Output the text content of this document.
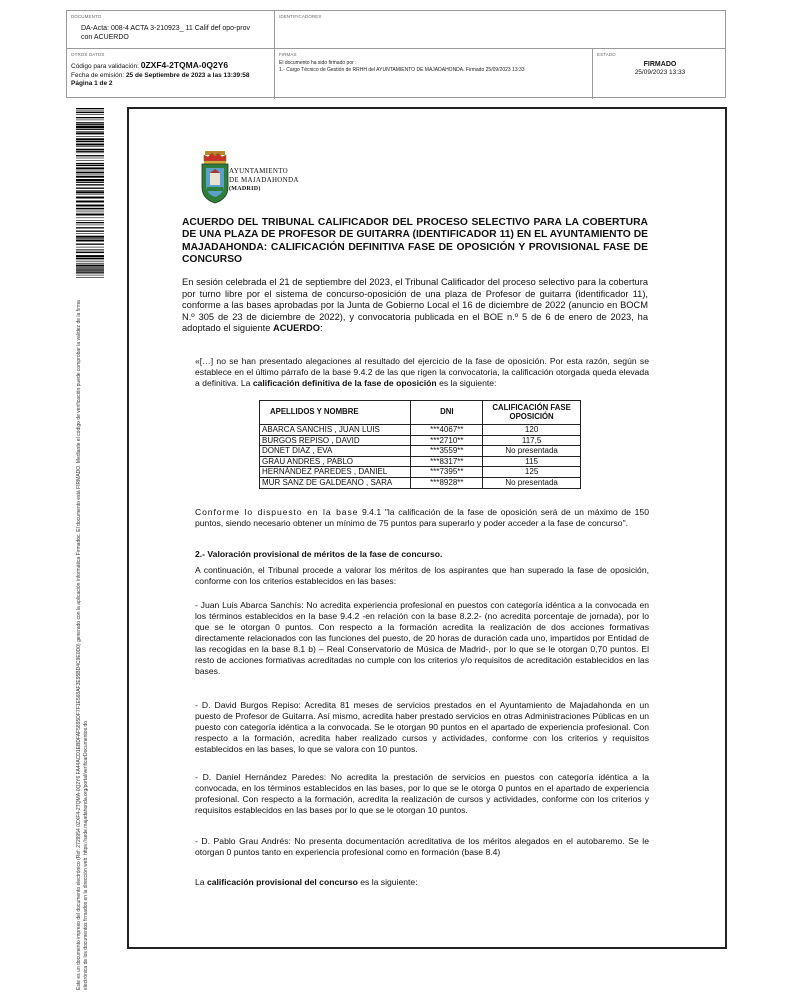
DOCUMENTO
DA-Acta: 008-4 ACTA 3-210923_ 11 Calif def opo-prov con ACUERDO
IDENTIFICADORES
OTROS DATOS
Código para validación: 0ZXF4-2TQMA-0Q2Y6
Fecha de emisión: 25 de Septiembre de 2023 a las 13:39:58
Página 1 de 2
FIRMAS
El documento ha sido firmado por :
1.- Cargo Técnico de Gestión de RRHH del AYUNTAMIENTO DE MAJADAHONDA. Firmado 25/09/2023 13:33
ESTADO
FIRMADO
25/09/2023 13:33
Este es un documento impreso del documento electrónico (Ref: 2729954 0ZXF4-2TQMA-0Q2Y6 FA44ACD1EBDFAF5895DF7F1E568AF3E95BD4C9E0D0) generado con la aplicación informática Firmadoc. El documento está FIRMADO. Mediante el código de verificación puede comprobar la validez de la firma electrónica de los documentos firmados en la dirección web: https://sede.majadahonda.org/portal/verificarDocumentos.do
AYUNTAMIENTO
DE MAJADAHONDA
(MADRID)
ACUERDO DEL TRIBUNAL CALIFICADOR DEL PROCESO SELECTIVO PARA LA COBERTURA DE UNA PLAZA DE PROFESOR DE GUITARRA (IDENTIFICADOR 11) EN EL AYUNTAMIENTO DE MAJADAHONDA: CALIFICACIÓN DEFINITIVA FASE DE OPOSICIÓN Y PROVISIONAL FASE DE CONCURSO
En sesión celebrada el 21 de septiembre del 2023, el Tribunal Calificador del proceso selectivo para la cobertura por turno libre por el sistema de concurso-oposición de una plaza de Profesor de guitarra (identificador 11), conforme a las bases aprobadas por la Junta de Gobierno Local el 16 de diciembre de 2022 (anuncio en BOCM N.º 305 de 23 de diciembre de 2022), y convocatoria publicada en el BOE n.º 5 de 6 de enero de 2023, ha adoptado el siguiente ACUERDO:
«[…] no se han presentado alegaciones al resultado del ejercicio de la fase de oposición. Por esta razón, según se establece en el último párrafo de la base 9.4.2 de las que rigen la convocatoria, la calificación otorgada queda elevada a definitiva. La calificación definitiva de la fase de oposición es la siguiente:
APELLIDOS Y NOMBRE	DNI	CALIFICACIÓN FASE OPOSICIÓN
ABARCA SANCHIS , JUAN LUIS	***4067**	120
BURGOS REPISO , DAVID	***2710**	117,5
DONET DIAZ , EVA	***3559**	No presentada
GRAU ANDRES , PABLO	***8317**	115
HERNÁNDEZ PAREDES , DANIEL	***7395**	125
MUR SANZ DE GALDEANO , SARA	***8928**	No presentada
Conforme lo dispuesto en la base 9.4.1 "la calificación de la fase de oposición será de un máximo de 150 puntos, siendo necesario obtener un mínimo de 75 puntos para superarlo y poder acceder a la fase de concurso".
2.- Valoración provisional de méritos de la fase de concurso.
A continuación, el Tribunal procede a valorar los méritos de los aspirantes que han superado la fase de oposición, conforme con los criterios establecidos en las bases:
- Juan Luis Abarca Sanchís: No acredita experiencia profesional en puestos con categoría idéntica a la convocada en los términos establecidos en la base 9.4.2 -en relación con la base 8.2.2- (no acredita porcentaje de jornada), por lo que se le otorgan 0 puntos. Con respecto a la formación acredita la realización de dos acciones formativas directamente relacionados con las funciones del puesto, de 20 horas de duración cada uno, impartidos por Entidad de las recogidas en la base 8.1 b) – Real Conservatorio de Música de Madrid-, por lo que se le otorgan 0,70 puntos. El resto de acciones formativas acreditadas no cumple con los criterios y/o requisitos de acreditación establecidos en las bases.
- D. David Burgos Repiso: Acredita 81 meses de servicios prestados en el Ayuntamiento de Majadahonda en un puesto de Profesor de Guitarra. Así mismo, acredita haber prestado servicios en otras Administraciones Públicas en un puesto con categoría idéntica a la convocada. Se le otorgan 90 puntos en el apartado de experiencia profesional. Con respecto a la formación, acredita haber realizado cursos y actividades, conforme con los criterios y requisitos establecidos en las bases, lo que se valora con 10 puntos.
- D. Daniel Hernández Paredes: No acredita la prestación de servicios en puestos con categoría idéntica a la convocada, en los términos establecidos en las bases, por lo que se le otorga 0 puntos en el apartado de experiencia profesional. Con respecto a la formación, acredita la realización de cursos y actividades, conforme con los criterios y requisitos establecidos en las bases por lo que se le otorgan 10 puntos.
- D. Pablo Grau Andrés: No presenta documentación acreditativa de los méritos alegados en el autobaremo. Se le otorgan 0 puntos tanto en experiencia profesional como en formación (base 8.4)
La calificación provisional del concurso es la siguiente:
